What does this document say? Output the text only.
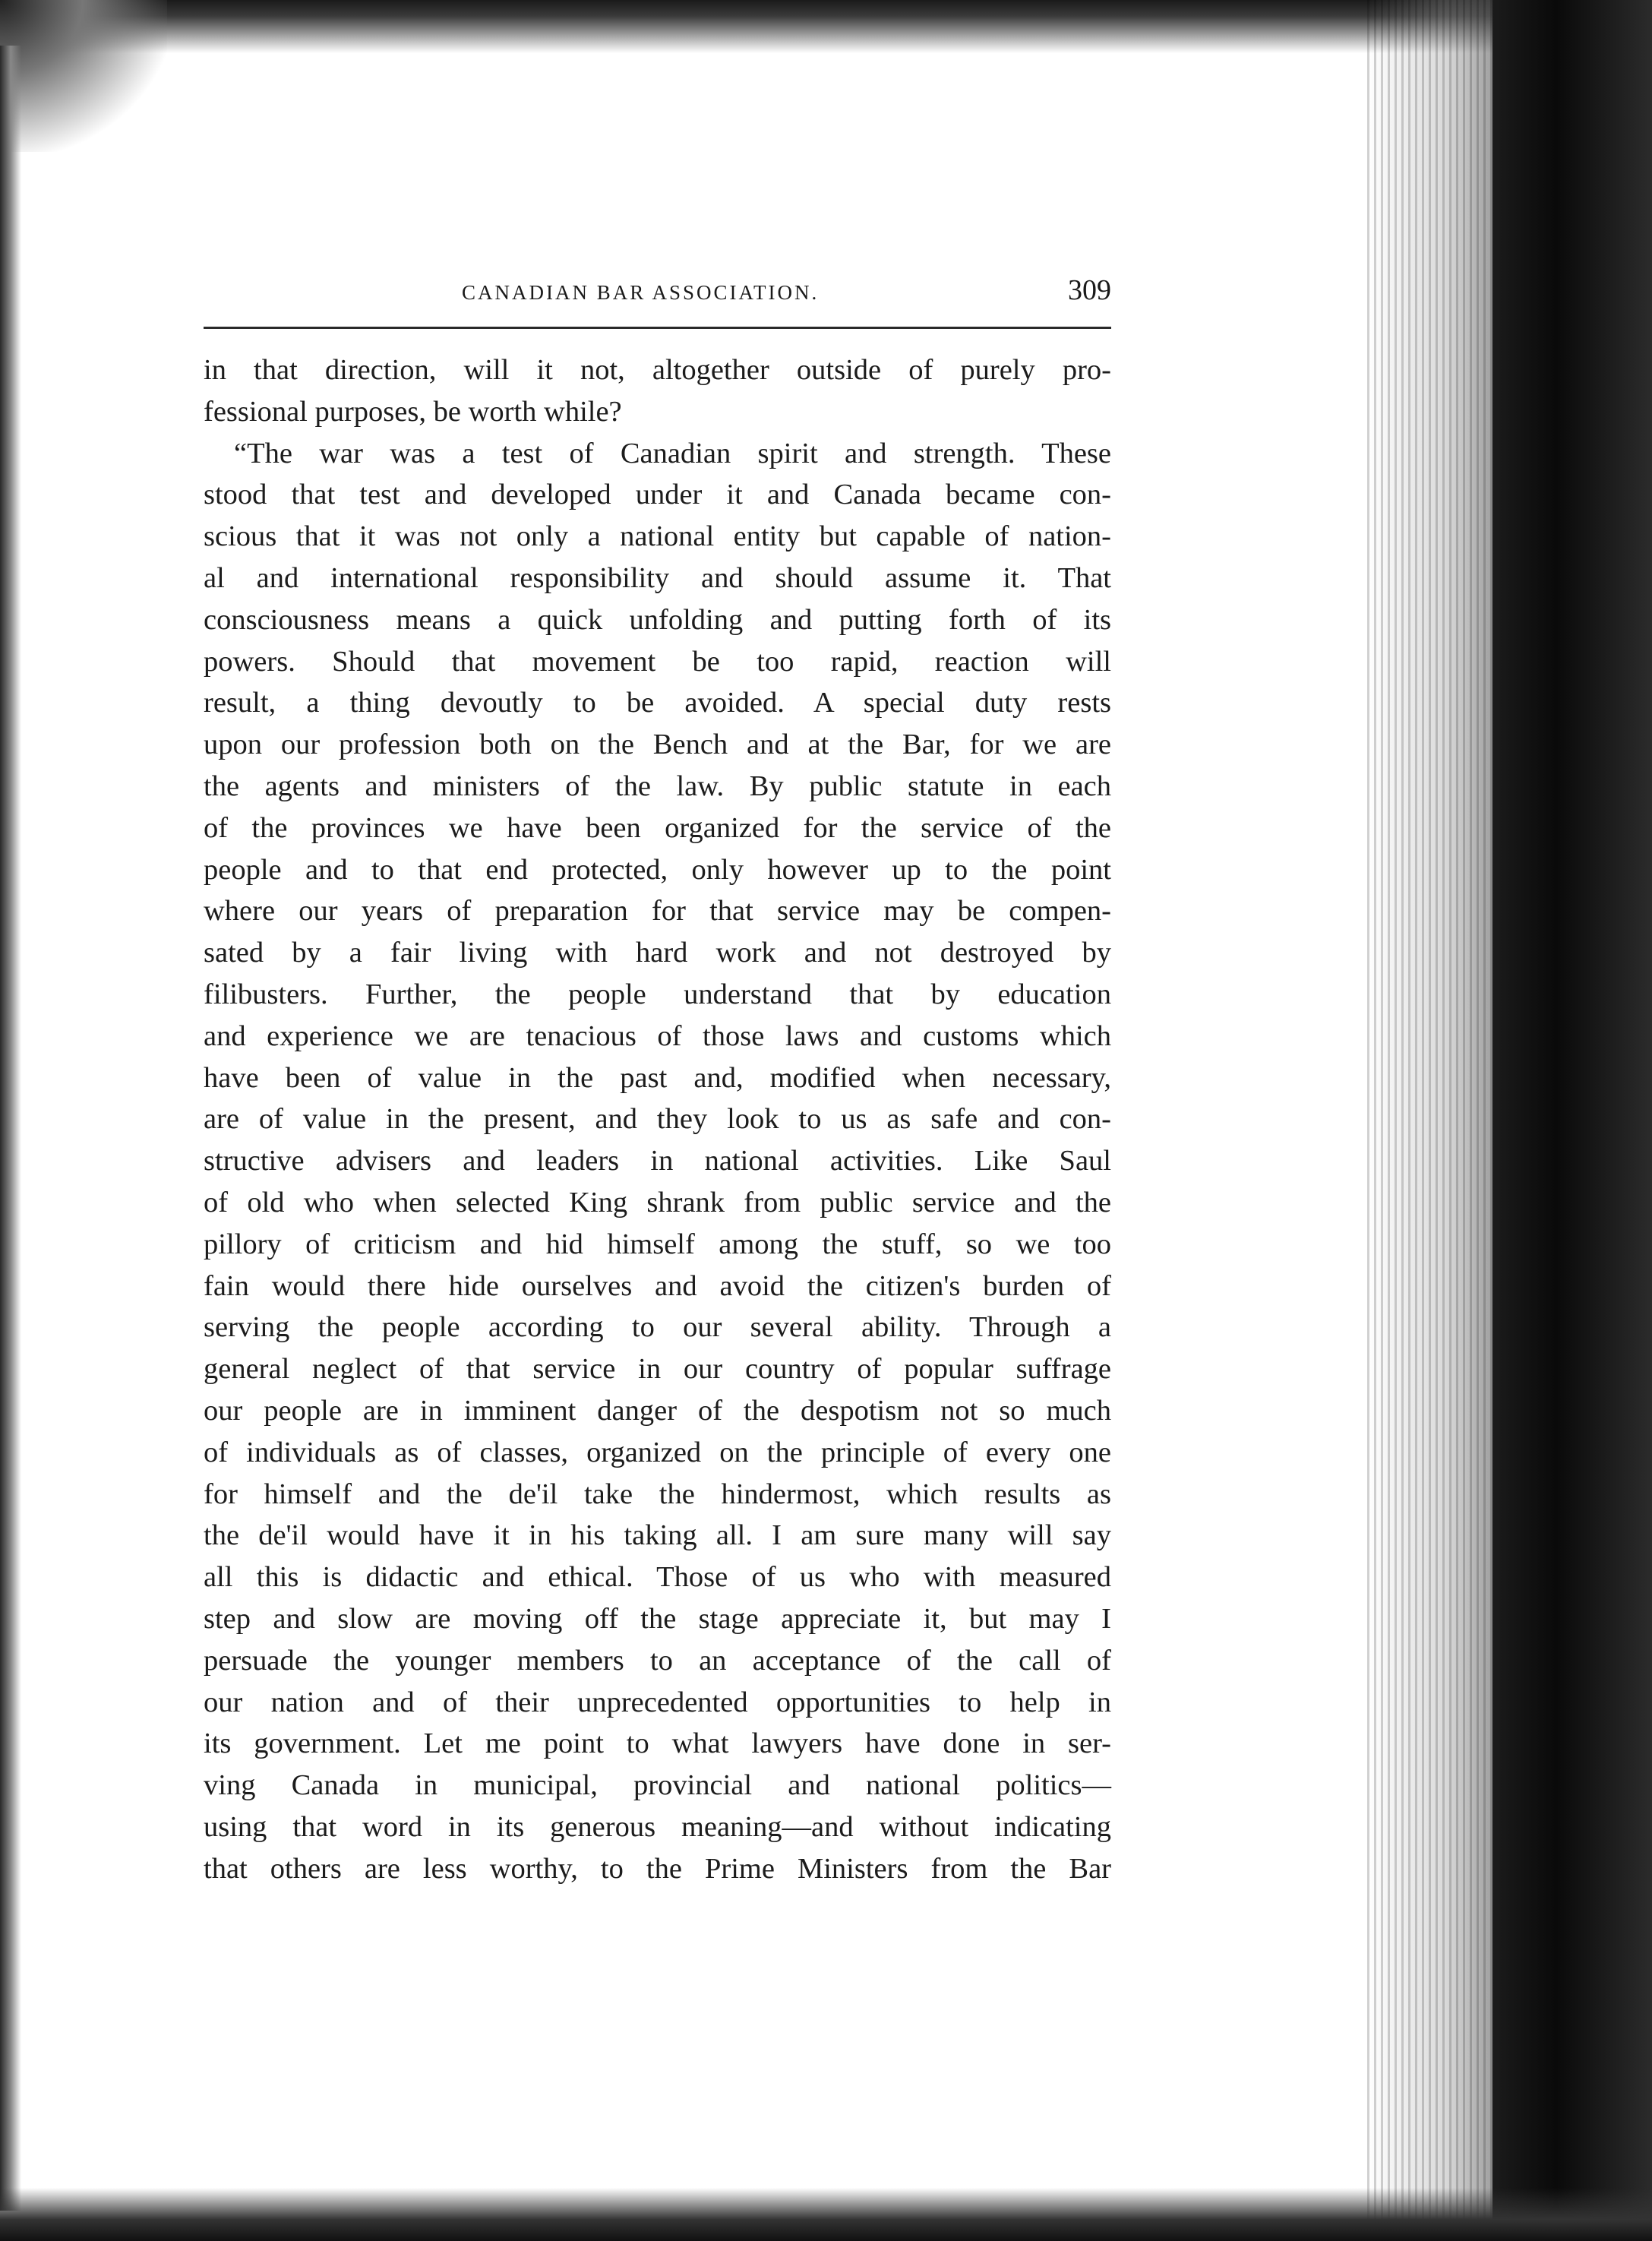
CANADIAN BAR ASSOCIATION.	309
in that direction, will it not, altogether outside of purely pro-
fessional purposes, be worth while?
“The war was a test of Canadian spirit and strength. These
stood that test and developed under it and Canada became con-
scious that it was not only a national entity but capable of nation-
al and international responsibility and should assume it. That
consciousness means a quick unfolding and putting forth of its
powers. Should that movement be too rapid, reaction will
result, a thing devoutly to be avoided. A special duty rests
upon our profession both on the Bench and at the Bar, for we are
the agents and ministers of the law. By public statute in each
of the provinces we have been organized for the service of the
people and to that end protected, only however up to the point
where our years of preparation for that service may be compen-
sated by a fair living with hard work and not destroyed by
filibusters. Further, the people understand that by education
and experience we are tenacious of those laws and customs which
have been of value in the past and, modified when necessary,
are of value in the present, and they look to us as safe and con-
structive advisers and leaders in national activities. Like Saul
of old who when selected King shrank from public service and the
pillory of criticism and hid himself among the stuff, so we too
fain would there hide ourselves and avoid the citizen's burden of
serving the people according to our several ability. Through a
general neglect of that service in our country of popular suffrage
our people are in imminent danger of the despotism not so much
of individuals as of classes, organized on the principle of every one
for himself and the de'il take the hindermost, which results as
the de'il would have it in his taking all. I am sure many will say
all this is didactic and ethical. Those of us who with measured
step and slow are moving off the stage appreciate it, but may I
persuade the younger members to an acceptance of the call of
our nation and of their unprecedented opportunities to help in
its government. Let me point to what lawyers have done in ser-
ving Canada in municipal, provincial and national politics—
using that word in its generous meaning—and without indicating
that others are less worthy, to the Prime Ministers from the Bar
